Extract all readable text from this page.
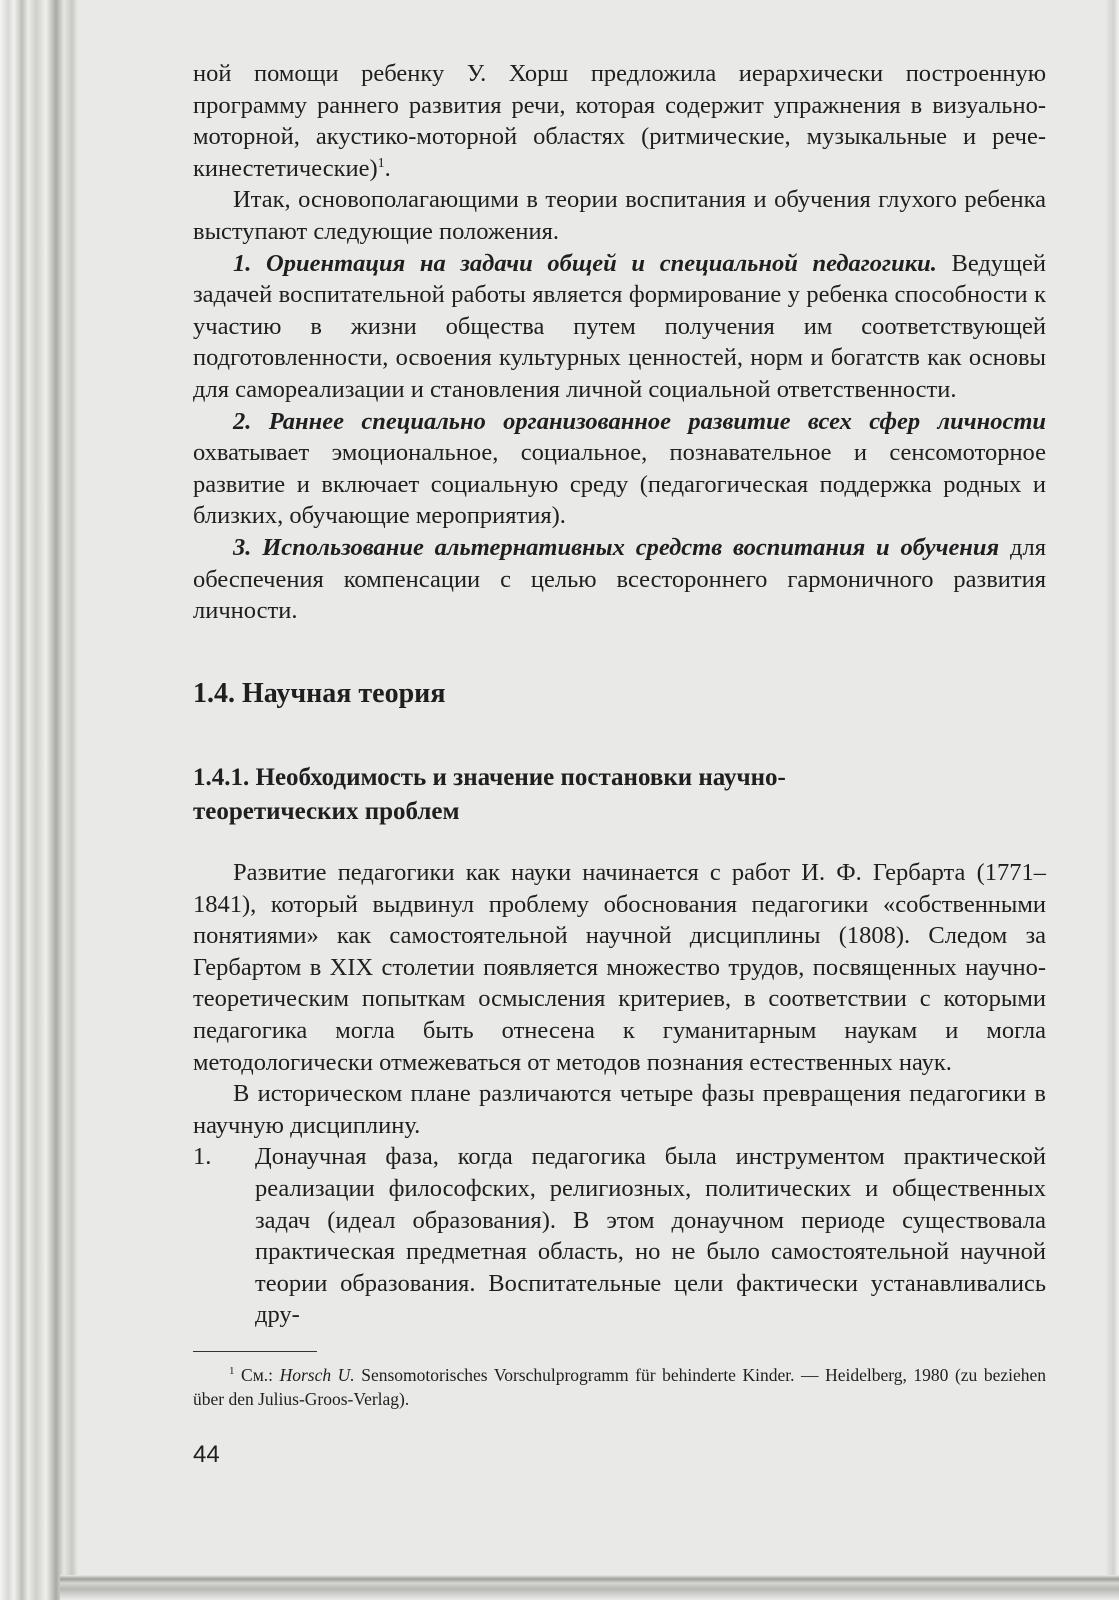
ной помощи ребенку У. Хорш предложила иерархически построенную программу раннего развития речи, которая содержит упражнения в визуально-моторной, акустико-моторной областях (ритмические, музыкальные и рече-кинестетические)$^1$.

Итак, основополагающими в теории воспитания и обучения глухого ребенка выступают следующие положения.

1. Ориентация на задачи общей и специальной педагогики. Ведущей задачей воспитательной работы является формирование у ребенка способности к участию в жизни общества путем получения им соответствующей подготовленности, освоения культурных ценностей, норм и богатств как основы для самореализации и становления личной социальной ответственности.

2. Раннее специально организованное развитие всех сфер личности охватывает эмоциональное, социальное, познавательное и сенсомоторное развитие и включает социальную среду (педагогическая поддержка родных и близких, обучающие мероприятия).

3. Использование альтернативных средств воспитания и обучения для обеспечения компенсации с целью всестороннего гармоничного развития личности.

1.4. Научная теория
1.4.1. Необходимость и значение постановки научно-теоретических проблем

Развитие педагогики как науки начинается с работ И. Ф. Гербарта (1771–1841), который выдвинул проблему обоснования педагогики «собственными понятиями» как самостоятельной научной дисциплины (1808). Следом за Гербартом в XIX столетии появляется множество трудов, посвященных научно-теоретическим попыткам осмысления критериев, в соответствии с которыми педагогика могла быть отнесена к гуманитарным наукам и могла методологически отмежеваться от методов познания естественных наук.

В историческом плане различаются четыре фазы превращения педагогики в научную дисциплину.

1.	Донаучная фаза, когда педагогика была инструментом практической реализации философских, религиозных, политических и общественных задач (идеал образования). В этом донаучном периоде существовала практическая предметная область, но не было самостоятельной научной теории образования. Воспитательные цели фактически устанавливались дру-

$^1$ См.: Horsch U. Sensomotorisches Vorschulprogramm für behinderte Kinder. — Heidelberg, 1980 (zu beziehen über den Julius-Groos-Verlag).

44
